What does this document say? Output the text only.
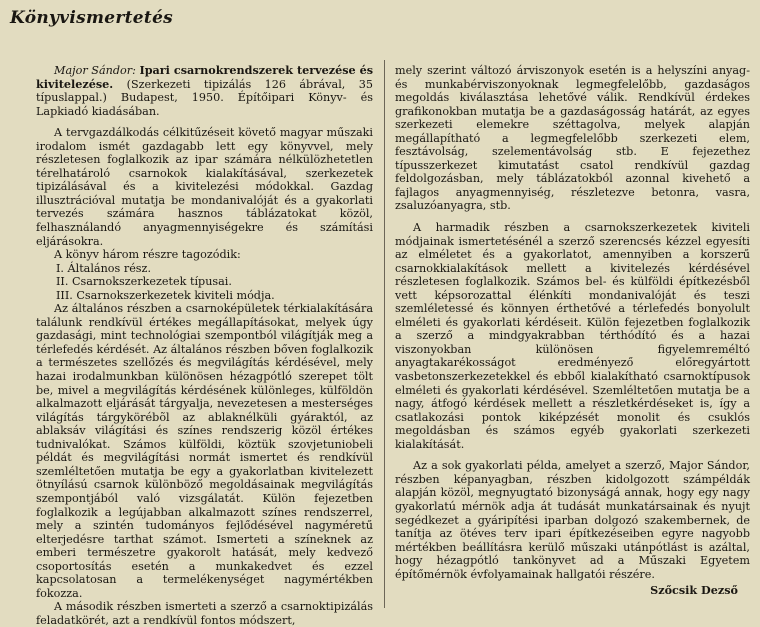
Könyvismertetés

Major Sándor: Ipari csarnokrendszerek tervezése és kivitelezése. (Szerkezeti tipizálás 126 ábrával, 35 típuslappal.) Budapest, 1950. Építőipari Könyv- és Lapkiadó kiadásában.

A tervgazdálkodás célkitűzéseit követő magyar műszaki irodalom ismét gazdagabb lett egy könyvvel, mely részletesen foglalkozik az ipar számára nélkülözhetetlen térelhatároló csarnokok kialakításával, szerkezetek tipizálásával és a kivitelezési módokkal. Gazdag illusztrációval mutatja be mondanivalóját és a gyakorlati tervezés számára hasznos táblázatokat közöl, felhasználandó anyagmennyiségekre és számítási eljárásokra.

A könyv három részre tagozódik:

I. Általános rész.
II. Csarnokszerkezetek típusai.
III. Csarnokszerkezetek kiviteli módja.

Az általános részben a csarnoképületek térkialakítására találunk rendkívül értékes megállapításokat, melyek úgy gazdasági, mint technológiai szempontból világítják meg a térlefedés kérdését. Az általános részben bőven foglalkozik a természetes szellőzés és megvilágítás kérdésével, mely hazai irodalmunkban különösen hézagpótló szerepet tölt be, mivel a megvilágítás kérdésének különleges, külföldön alkalmazott eljárását tárgyalja, nevezetesen a mesterséges világítás tárgykörébõl az ablaknélküli gyáraktól, az ablaksáv világítási és színes rendszerig közöl értékes tudnivalókat. Számos külföldi, köztük szovjetuniobeli példát és megvilágítási normát ismertet és rendkívül szemléltetően mutatja be egy a gyakorlatban kivitelezett ötnyílású csarnok különböző megoldásainak megvilágítás szempontjából való vizsgálatát. Külön fejezetben foglalkozik a legújabban alkalmazott színes rendszerrel, mely a szintén tudományos fejlődésével nagyméretű elterjedésre tarthat számot. Ismerteti a színeknek az emberi természetre gyakorolt hatását, mely kedvező csoportosítás esetén a munkakedvet és ezzel kapcsolatosan a termelékenységet nagymértékben fokozza.

A második részben ismerteti a szerző a csarnoktipizálás feladatkörét, azt a rendkívül fontos módszert,

mely szerint változó árviszonyok esetén is a helyszíni anyag- és munkabérviszonyoknak legmegfelelőbb, gazdaságos megoldás kiválasztása lehetővé válik. Rendkívül érdekes grafikonokban mutatja be a gazdaságosság határát, az egyes szerkezeti elemekre széttagolva, melyek alapján megállapítható a legmegfelelőbb szerkezeti elem, fesztávolság, szelementávolság stb. E fejezethez típusszerkezet kimutatást csatol rendkívül gazdag feldolgozásban, mely táblázatokból azonnal kivehető a fajlagos anyagmennyiség, részletezve betonra, vasra, zsaluzóanyagra, stb.

A harmadik részben a csarnokszerkezetek kiviteli módjainak ismertetésénél a szerző szerencsés kézzel egyesíti az elméletet és a gyakorlatot, amennyiben a korszerű csarnokkialakítások mellett a kivitelezés kérdésével részletesen foglalkozik. Számos bel- és külföldi építkezésből vett képsorozattal élénkíti mondanivalóját és teszi szemléletessé és könnyen érthetővé a térlefedés bonyolult elméleti és gyakorlati kérdéseit. Külön fejezetben foglalkozik a szerző a mindgyakrabban térthódító és a hazai viszonyokban különösen figyelemreméltó anyagtakarékosságot eredményező előregyártott vasbetonszerkezetekkel és ebből kialakítható csarnoktípusok elméleti és gyakorlati kérdésével. Szemléltetően mutatja be a nagy, átfogó kérdések mellett a részletkérdéseket is, így a csatlakozási pontok kiképzését monolit és csuklós megoldásban és számos egyéb gyakorlati szerkezeti kialakítását.

Az a sok gyakorlati példa, amelyet a szerző, Major Sándor, részben képanyagban, részben kidolgozott számpéldák alapján közöl, megnyugtató bizonyságá annak, hogy egy nagy gyakorlatú mérnök adja át tudását munkatársainak és nyujt segédkezet a gyáripítési iparban dolgozó szakembernek, de tanítja az ötéves terv ipari építkezéseiben egyre nagyobb mértékben beállításra kerülő műszaki utánpótlást is azáltal, hogy hézagpótló tankönyvet ad a Műszaki Egyetem építőmérnök évfolyamainak hallgatói részére.

Szőcsik Dezső
